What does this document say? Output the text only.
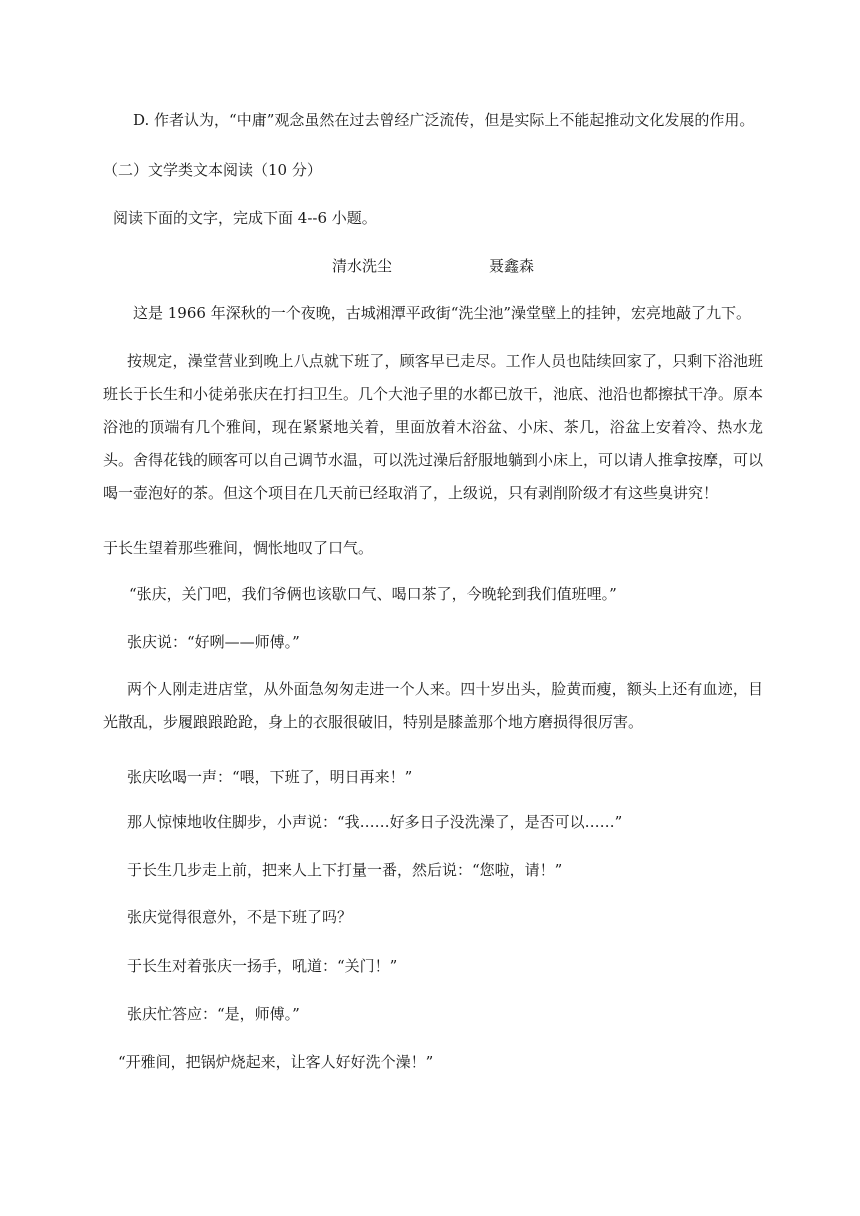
D. 作者认为，“中庸”观念虽然在过去曾经广泛流传，但是实际上不能起推动文化发展的作用。
（二）文学类文本阅读（10 分）
阅读下面的文字，完成下面 4--6 小题。
清水洗尘	聂鑫森
这是 1966 年深秋的一个夜晚，古城湘潭平政街“洗尘池”澡堂壁上的挂钟，宏亮地敲了九下。
按规定，澡堂营业到晚上八点就下班了，顾客早已走尽。工作人员也陆续回家了，只剩下浴池班班长于长生和小徒弟张庆在打扫卫生。几个大池子里的水都已放干，池底、池沿也都擦拭干净。原本浴池的顶端有几个雅间，现在紧紧地关着，里面放着木浴盆、小床、茶几，浴盆上安着冷、热水龙头。舍得花钱的顾客可以自己调节水温，可以洗过澡后舒服地躺到小床上，可以请人推拿按摩，可以喝一壶泡好的茶。但这个项目在几天前已经取消了，上级说，只有剥削阶级才有这些臭讲究！
于长生望着那些雅间，惆怅地叹了口气。
“张庆，关门吧，我们爷俩也该歇口气、喝口茶了，今晚轮到我们值班哩。”
张庆说：“好咧——师傅。”
两个人刚走进店堂，从外面急匆匆走进一个人来。四十岁出头，脸黄而瘦，额头上还有血迹，目光散乱，步履踉踉跄跄，身上的衣服很破旧，特别是膝盖那个地方磨损得很厉害。
张庆吆喝一声：“喂，下班了，明日再来！”
那人惊悚地收住脚步，小声说：“我……好多日子没洗澡了，是否可以……”
于长生几步走上前，把来人上下打量一番，然后说：“您啦，请！”
张庆觉得很意外，不是下班了吗？
于长生对着张庆一扬手，吼道：“关门！”
张庆忙答应：“是，师傅。”
“开雅间，把锅炉烧起来，让客人好好洗个澡！”
